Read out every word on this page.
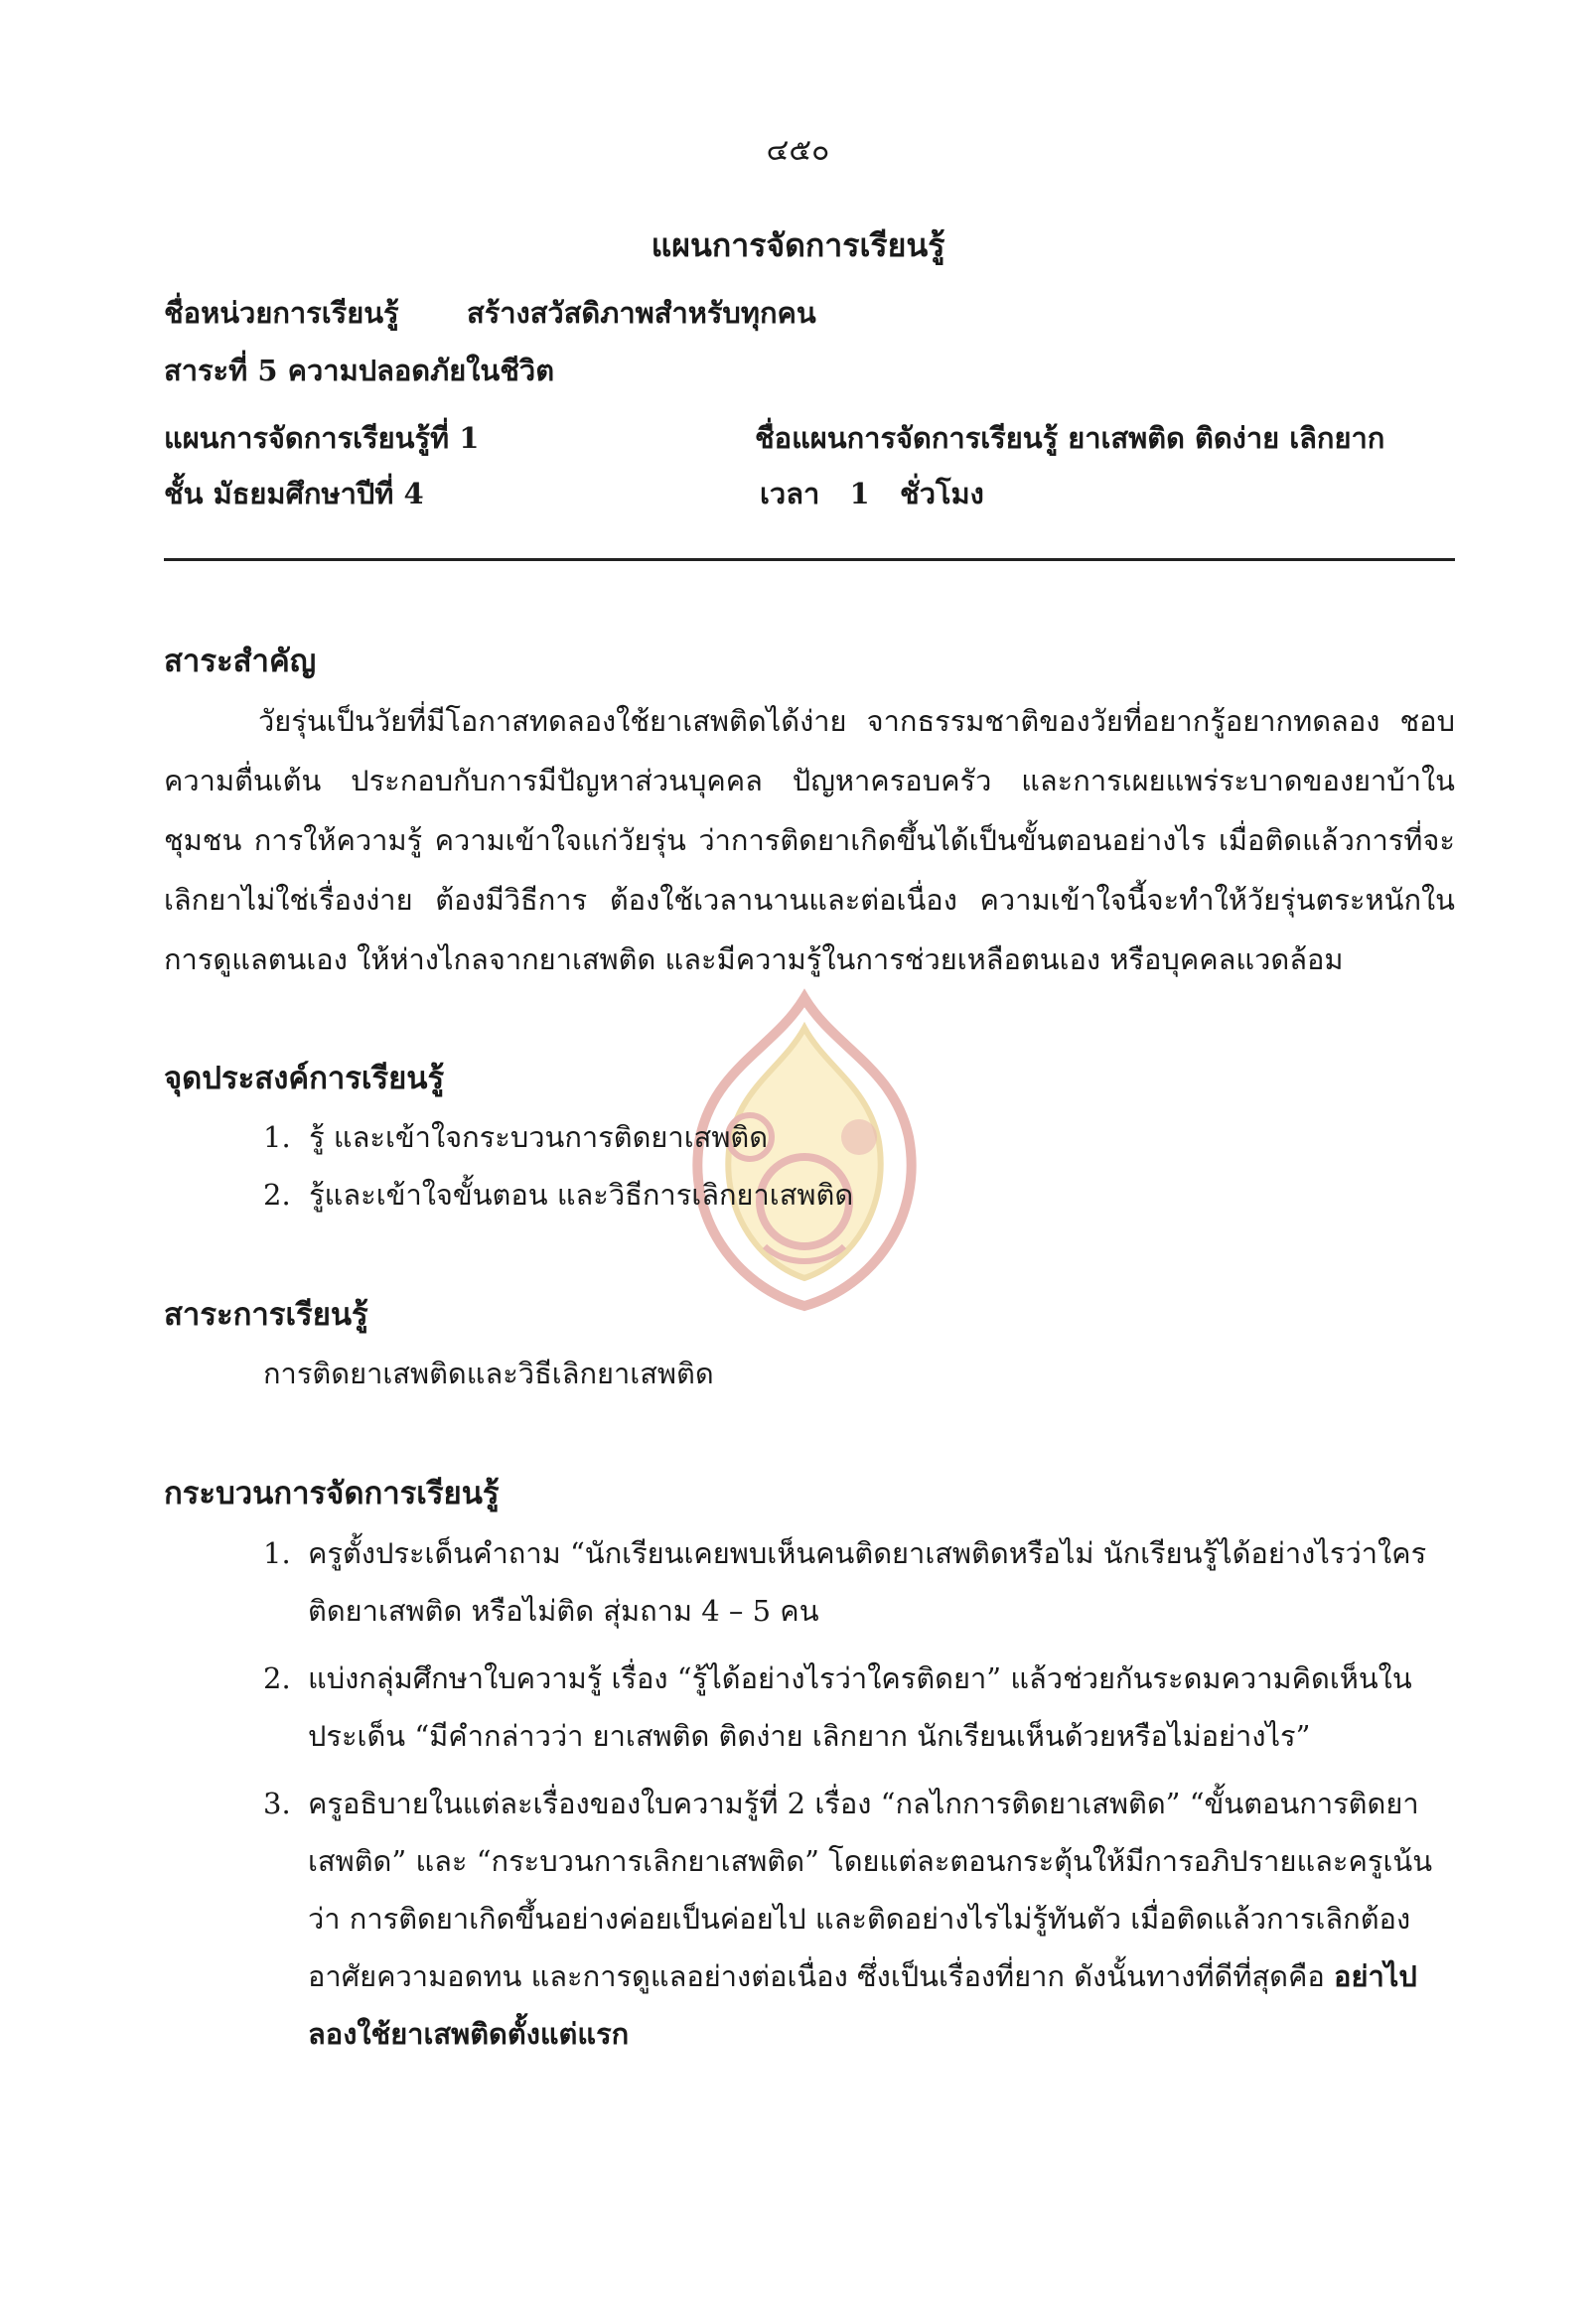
๔๕๐
แผนการจัดการเรียนรู้
ชื่อหน่วยการเรียนรู้ สร้างสวัสดิภาพสำหรับทุกคน
สาระที่ 5 ความปลอดภัยในชีวิต
แผนการจัดการเรียนรู้ที่ 1	ชื่อแผนการจัดการเรียนรู้ ยาเสพติด ติดง่าย เลิกยาก
ชั้น มัธยมศึกษาปีที่ 4	เวลา   1   ชั่วโมง
สาระสำคัญ

วัยรุ่นเป็นวัยที่มีโอกาสทดลองใช้ยาเสพติดได้ง่าย จากธรรมชาติของวัยที่อยากรู้อยากทดลอง ชอบความตื่นเต้น ประกอบกับการมีปัญหาส่วนบุคคล ปัญหาครอบครัว และการเผยแพร่ระบาดของยาบ้าในชุมชน การให้ความรู้ ความเข้าใจแก่วัยรุ่น ว่าการติดยาเกิดขึ้นได้เป็นขั้นตอนอย่างไร เมื่อติดแล้วการที่จะเลิกยาไม่ใช่เรื่องง่าย ต้องมีวิธีการ ต้องใช้เวลานานและต่อเนื่อง ความเข้าใจนี้จะทำให้วัยรุ่นตระหนักในการดูแลตนเอง ให้ห่างไกลจากยาเสพติด และมีความรู้ในการช่วยเหลือตนเอง หรือบุคคลแวดล้อม

จุดประสงค์การเรียนรู้
1.  รู้ และเข้าใจกระบวนการติดยาเสพติด
2.  รู้และเข้าใจขั้นตอน และวิธีการเลิกยาเสพติด
สาระการเรียนรู้
การติดยาเสพติดและวิธีเลิกยาเสพติด
กระบวนการจัดการเรียนรู้
1. ครูตั้งประเด็นคำถาม “นักเรียนเคยพบเห็นคนติดยาเสพติดหรือไม่ นักเรียนรู้ได้อย่างไรว่าใครติดยาเสพติด หรือไม่ติด สุ่มถาม 4 – 5 คน
2. แบ่งกลุ่มศึกษาใบความรู้ เรื่อง “รู้ได้อย่างไรว่าใครติดยา” แล้วช่วยกันระดมความคิดเห็นในประเด็น “มีคำกล่าวว่า ยาเสพติด ติดง่าย เลิกยาก นักเรียนเห็นด้วยหรือไม่อย่างไร”
3. ครูอธิบายในแต่ละเรื่องของใบความรู้ที่ 2 เรื่อง “กลไกการติดยาเสพติด” “ขั้นตอนการติดยาเสพติด” และ “กระบวนการเลิกยาเสพติด” โดยแต่ละตอนกระตุ้นให้มีการอภิปรายและครูเน้นว่า การติดยาเกิดขึ้นอย่างค่อยเป็นค่อยไป และติดอย่างไรไม่รู้ทันตัว เมื่อติดแล้วการเลิกต้องอาศัยความอดทน และการดูแลอย่างต่อเนื่อง ซึ่งเป็นเรื่องที่ยาก ดังนั้นทางที่ดีที่สุดคือ อย่าไปลองใช้ยาเสพติดตั้งแต่แรก
